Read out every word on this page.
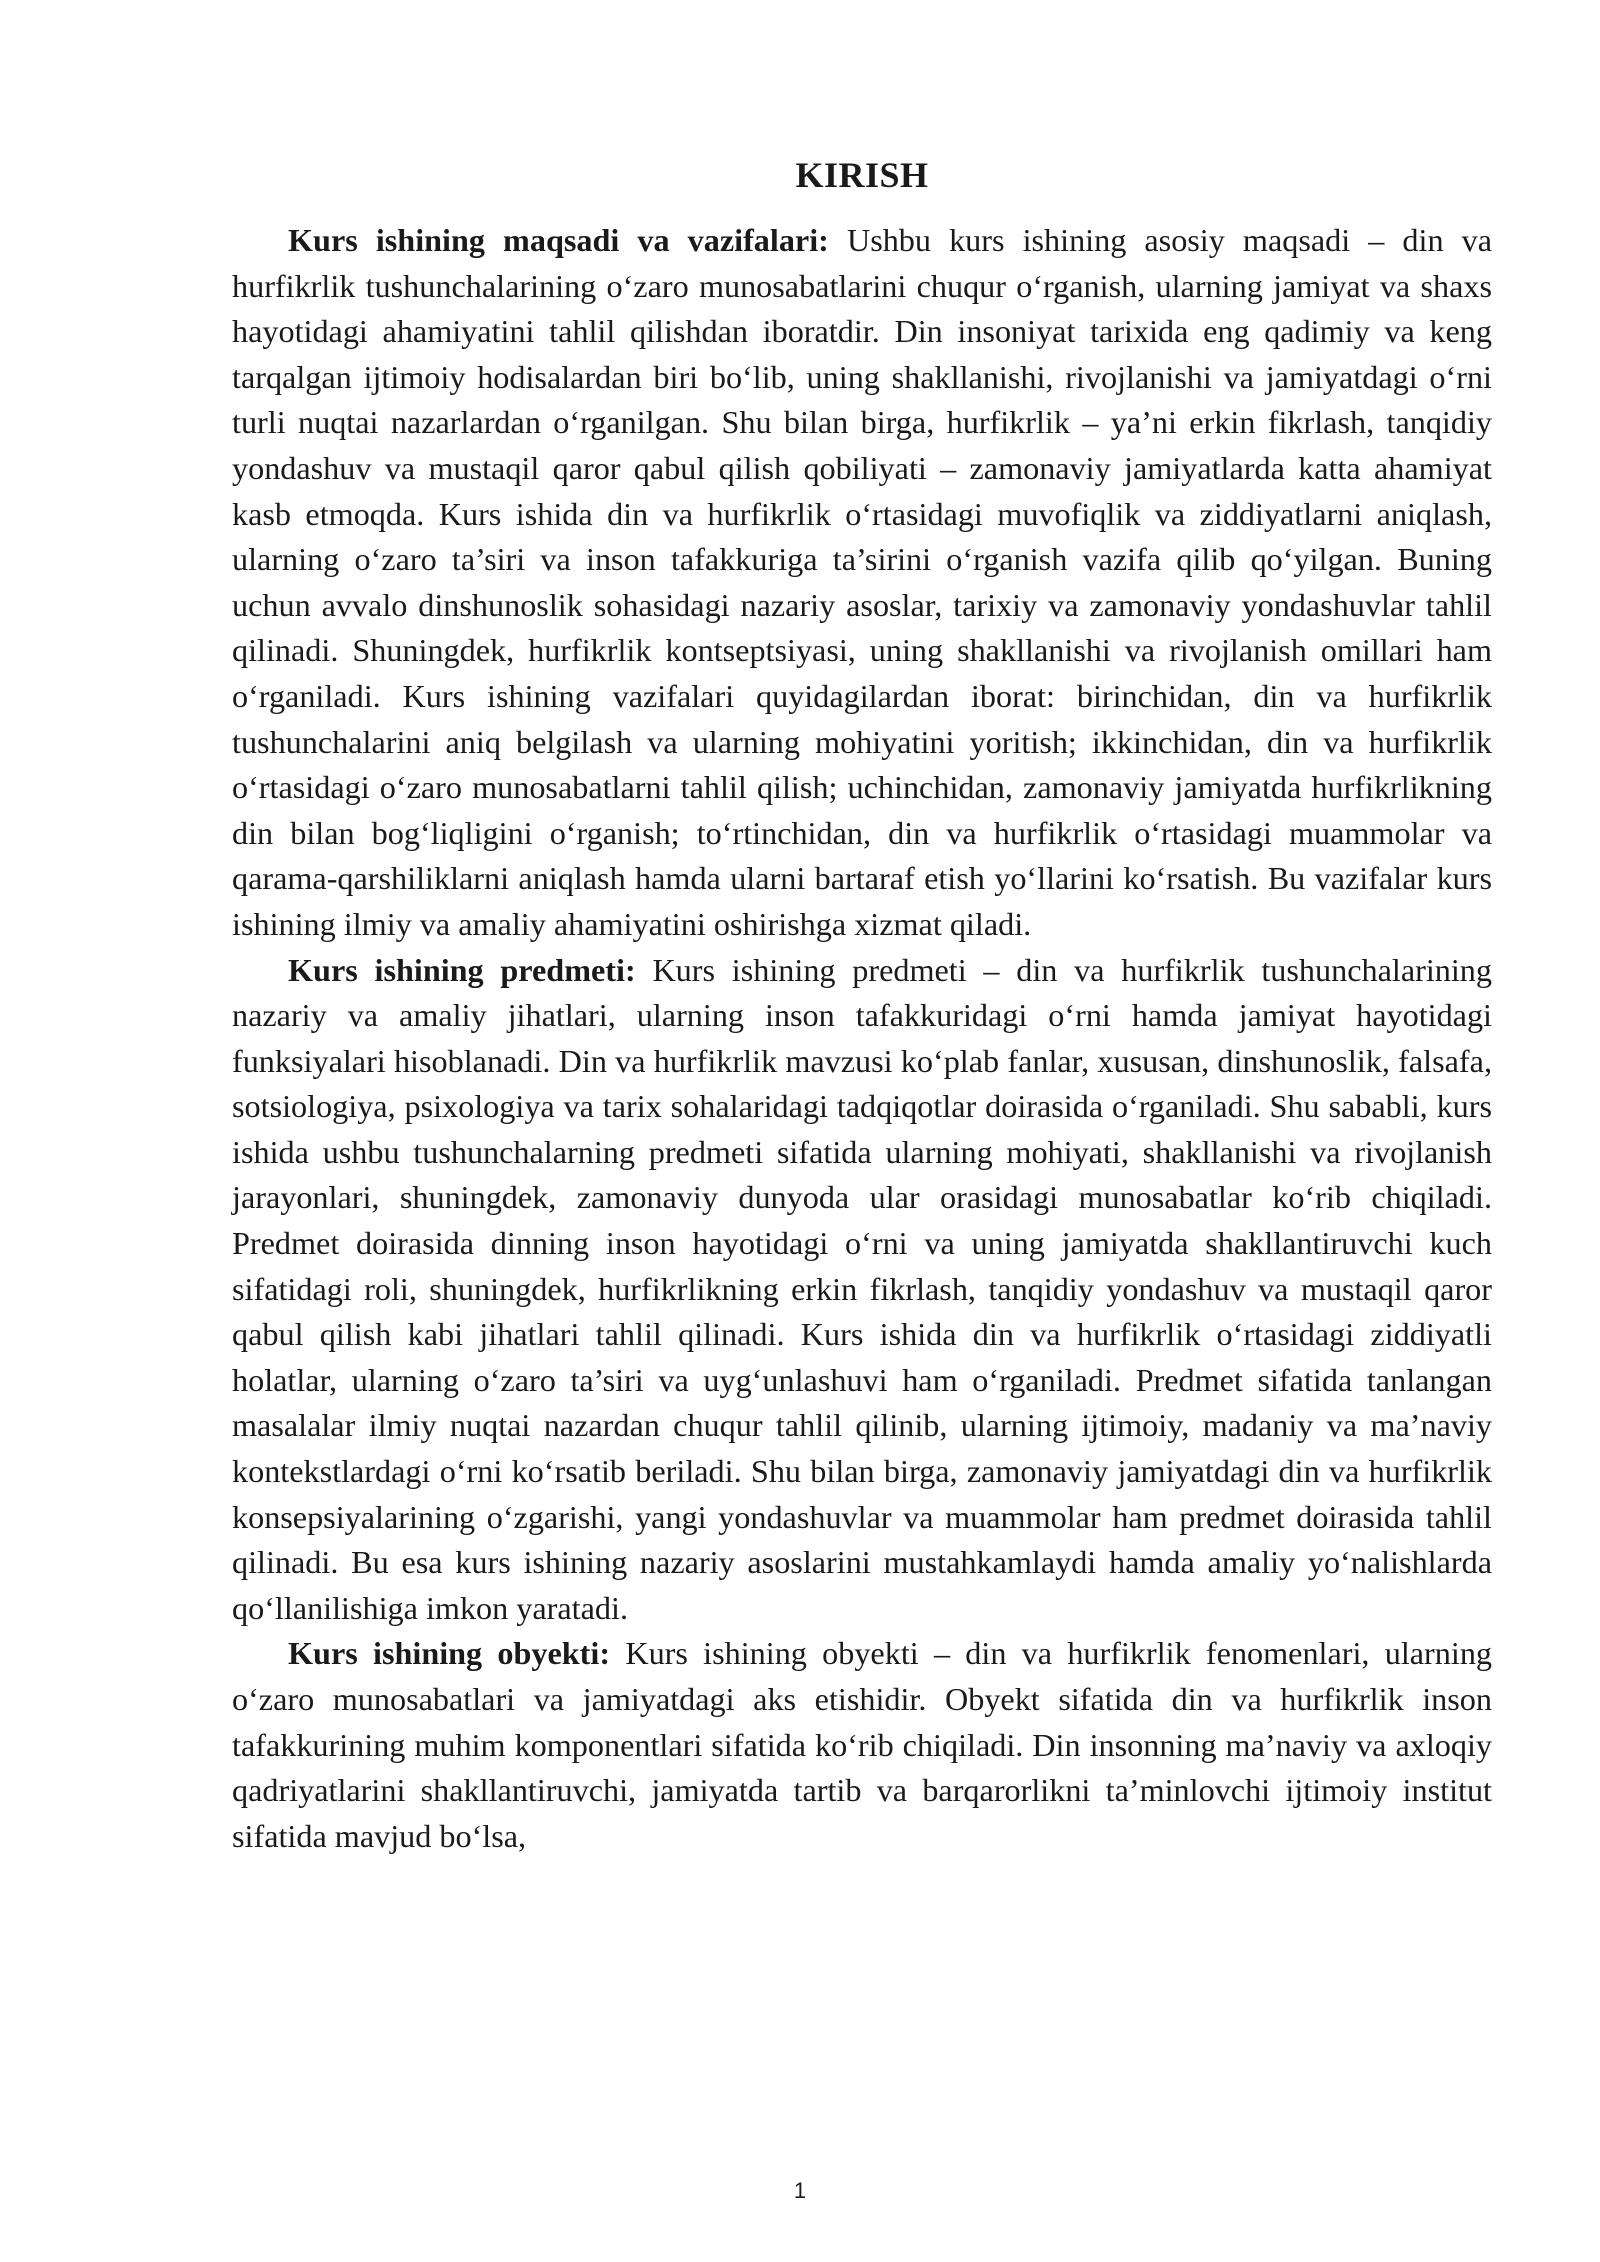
KIRISH

Kurs ishining maqsadi va vazifalari: Ushbu kurs ishining asosiy maqsadi – din va hurfikrlik tushunchalarining o‘zaro munosabatlarini chuqur o‘rganish, ularning jamiyat va shaxs hayotidagi ahamiyatini tahlil qilishdan iboratdir. Din insoniyat tarixida eng qadimiy va keng tarqalgan ijtimoiy hodisalardan biri bo‘lib, uning shakllanishi, rivojlanishi va jamiyatdagi o‘rni turli nuqtai nazarlardan o‘rganilgan. Shu bilan birga, hurfikrlik – ya’ni erkin fikrlash, tanqidiy yondashuv va mustaqil qaror qabul qilish qobiliyati – zamonaviy jamiyatlarda katta ahamiyat kasb etmoqda. Kurs ishida din va hurfikrlik o‘rtasidagi muvofiqlik va ziddiyatlarni aniqlash, ularning o‘zaro ta’siri va inson tafakkuriga ta’sirini o‘rganish vazifa qilib qo‘yilgan. Buning uchun avvalo dinshunoslik sohasidagi nazariy asoslar, tarixiy va zamonaviy yondashuvlar tahlil qilinadi. Shuningdek, hurfikrlik kontseptsiyasi, uning shakllanishi va rivojlanish omillari ham o‘rganiladi. Kurs ishining vazifalari quyidagilardan iborat: birinchidan, din va hurfikrlik tushunchalarini aniq belgilash va ularning mohiyatini yoritish; ikkinchidan, din va hurfikrlik o‘rtasidagi o‘zaro munosabatlarni tahlil qilish; uchinchidan, zamonaviy jamiyatda hurfikrlikning din bilan bog‘liqligini o‘rganish; to‘rtinchidan, din va hurfikrlik o‘rtasidagi muammolar va qarama-qarshiliklarni aniqlash hamda ularni bartaraf etish yo‘llarini ko‘rsatish. Bu vazifalar kurs ishining ilmiy va amaliy ahamiyatini oshirishga xizmat qiladi.

Kurs ishining predmeti: Kurs ishining predmeti – din va hurfikrlik tushunchalarining nazariy va amaliy jihatlari, ularning inson tafakkuridagi o‘rni hamda jamiyat hayotidagi funksiyalari hisoblanadi. Din va hurfikrlik mavzusi ko‘plab fanlar, xususan, dinshunoslik, falsafa, sotsiologiya, psixologiya va tarix sohalaridagi tadqiqotlar doirasida o‘rganiladi. Shu sababli, kurs ishida ushbu tushunchalarning predmeti sifatida ularning mohiyati, shakllanishi va rivojlanish jarayonlari, shuningdek, zamonaviy dunyoda ular orasidagi munosabatlar ko‘rib chiqiladi. Predmet doirasida dinning inson hayotidagi o‘rni va uning jamiyatda shakllantiruvchi kuch sifatidagi roli, shuningdek, hurfikrlikning erkin fikrlash, tanqidiy yondashuv va mustaqil qaror qabul qilish kabi jihatlari tahlil qilinadi. Kurs ishida din va hurfikrlik o‘rtasidagi ziddiyatli holatlar, ularning o‘zaro ta’siri va uyg‘unlashuvi ham o‘rganiladi. Predmet sifatida tanlangan masalalar ilmiy nuqtai nazardan chuqur tahlil qilinib, ularning ijtimoiy, madaniy va ma’naviy kontekstlardagi o‘rni ko‘rsatib beriladi. Shu bilan birga, zamonaviy jamiyatdagi din va hurfikrlik konsepsiyalarining o‘zgarishi, yangi yondashuvlar va muammolar ham predmet doirasida tahlil qilinadi. Bu esa kurs ishining nazariy asoslarini mustahkamlaydi hamda amaliy yo‘nalishlarda qo‘llanilishiga imkon yaratadi.

Kurs ishining obyekti: Kurs ishining obyekti – din va hurfikrlik fenomenlari, ularning o‘zaro munosabatlari va jamiyatdagi aks etishidir. Obyekt sifatida din va hurfikrlik inson tafakkurining muhim komponentlari sifatida ko‘rib chiqiladi. Din insonning ma’naviy va axloqiy qadriyatlarini shakllantiruvchi, jamiyatda tartib va barqarorlikni ta’minlovchi ijtimoiy institut sifatida mavjud bo‘lsa,

1
